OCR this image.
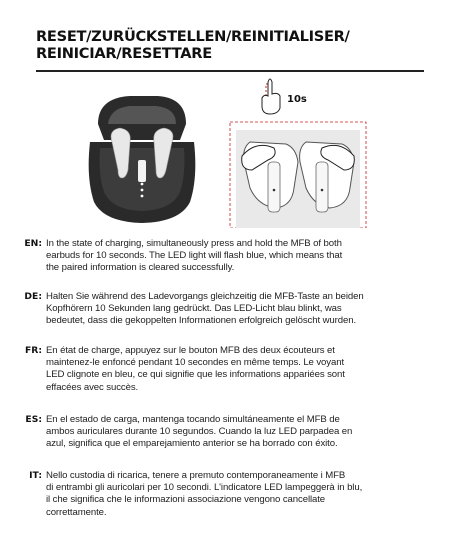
RESET/ZURÜCKSTELLEN/REINITIALISER/
REINICIAR/RESETTARE
10s
EN: In the state of charging, simultaneously press and hold the MFB of both
earbuds for 10 seconds. The LED light will flash blue, which means that
the paired information is cleared successfully.
DE: Halten Sie während des Ladevorgangs gleichzeitig die MFB-Taste an beiden
Kopfhörern 10 Sekunden lang gedrückt. Das LED-Licht blau blinkt, was
bedeutet, dass die gekoppelten Informationen erfolgreich gelöscht wurden.
FR: En état de charge, appuyez sur le bouton MFB des deux écouteurs et
maintenez-le enfoncé pendant 10 secondes en même temps. Le voyant
LED clignote en bleu, ce qui signifie que les informations appariées sont
effacées avec succès.
ES: En el estado de carga, mantenga tocando simultáneamente el MFB de
ambos auriculares durante 10 segundos. Cuando la luz LED parpadea en
azul, significa que el emparejamiento anterior se ha borrado con éxito.
IT: Nello custodia di ricarica, tenere a premuto contemporaneamente i MFB
di entrambi gli auricolari per 10 secondi. L'indicatore LED lampeggerà in blu,
il che significa che le informazioni associazione vengono cancellate
correttamente.
